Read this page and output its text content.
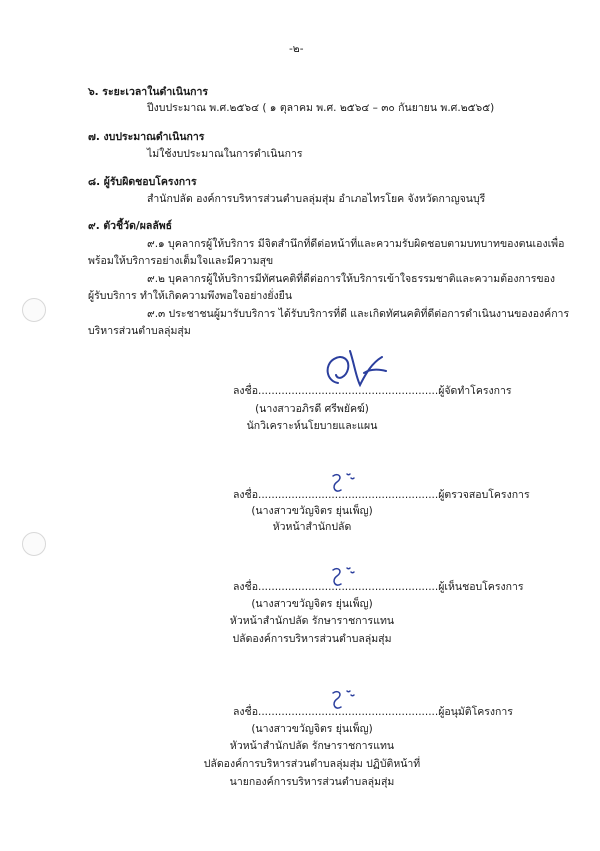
-๒-
๖. ระยะเวลาในดำเนินการ
ปีงบประมาณ พ.ศ.๒๕๖๔ ( ๑ ตุลาคม พ.ศ. ๒๕๖๔ – ๓๐ กันยายน พ.ศ.๒๕๖๕)
๗. งบประมาณดำเนินการ
ไม่ใช้งบประมาณในการดำเนินการ
๘. ผู้รับผิดชอบโครงการ
สำนักปลัด องค์การบริหารส่วนตำบลลุ่มสุ่ม อำเภอไทรโยค จังหวัดกาญจนบุรี
๙. ตัวชี้วัด/ผลลัพธ์
๙.๑ บุคลากรผู้ให้บริการ มีจิตสำนึกที่ดีต่อหน้าที่และความรับผิดชอบตามบทบาทของตนเองเพื่อ
พร้อมให้บริการอย่างเต็มใจและมีความสุข
๙.๒ บุคลากรผู้ให้บริการมีทัศนคติที่ดีต่อการให้บริการเข้าใจธรรมชาติและความต้องการของ
ผู้รับบริการ ทำให้เกิดความพึงพอใจอย่างยั่งยืน
๙.๓ ประชาชนผู้มารับบริการ ได้รับบริการที่ดี และเกิดทัศนคติที่ดีต่อการดำเนินงานขององค์การ
บริหารส่วนตำบลลุ่มสุ่ม
ลงชื่อ......................................................ผู้จัดทำโครงการ
(นางสาวอภิรดี ศรีพยัคฆ์)
นักวิเคราะห์นโยบายและแผน
ลงชื่อ......................................................ผู้ตรวจสอบโครงการ
(นางสาวขวัญจิตร ยุ่นเพ็ญ)
หัวหน้าสำนักปลัด
ลงชื่อ......................................................ผู้เห็นชอบโครงการ
(นางสาวขวัญจิตร ยุ่นเพ็ญ)
หัวหน้าสำนักปลัด รักษาราชการแทน
ปลัดองค์การบริหารส่วนตำบลลุ่มสุ่ม
ลงชื่อ......................................................ผู้อนุมัติโครงการ
(นางสาวขวัญจิตร ยุ่นเพ็ญ)
หัวหน้าสำนักปลัด รักษาราชการแทน
ปลัดองค์การบริหารส่วนตำบลลุ่มสุ่ม ปฏิบัติหน้าที่
นายกองค์การบริหารส่วนตำบลลุ่มสุ่ม
